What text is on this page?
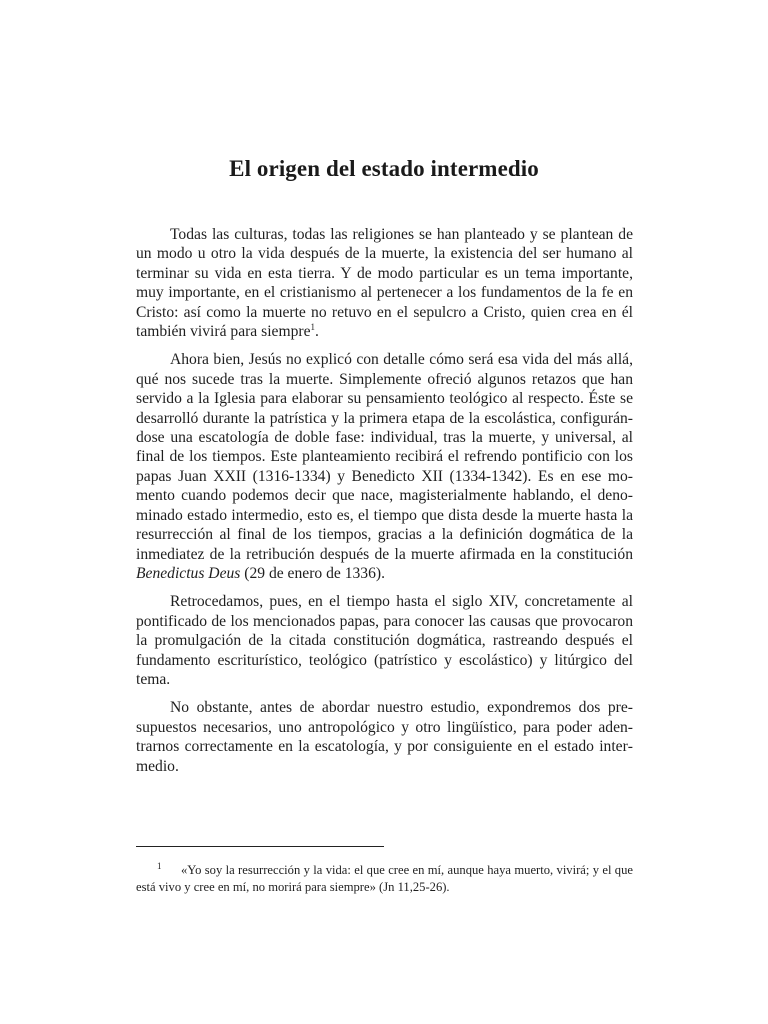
El origen del estado intermedio

Todas las culturas, todas las religiones se han planteado y se plantean de un modo u otro la vida después de la muerte, la existencia del ser humano al terminar su vida en esta tierra. Y de modo particular es un tema importante, muy importante, en el cristianismo al pertenecer a los fundamentos de la fe en Cristo: así como la muerte no retuvo en el sepulcro a Cristo, quien crea en él también vivirá para siempre$^1$.

Ahora bien, Jesús no explicó con detalle cómo será esa vida del más allá, qué nos sucede tras la muerte. Simplemente ofreció algunos retazos que han servido a la Iglesia para elaborar su pensamiento teológico al respecto. Éste se desarrolló durante la patrística y la primera etapa de la escolástica, configurándose una escatología de doble fase: individual, tras la muerte, y universal, al final de los tiempos. Este planteamiento recibirá el refrendo pontificio con los papas Juan XXII (1316-1334) y Benedicto XII (1334-1342). Es en ese momento cuando podemos decir que nace, magisterialmente hablando, el denominado estado intermedio, esto es, el tiempo que dista desde la muerte hasta la resurrección al final de los tiempos, gracias a la definición dogmática de la inmediatez de la retribución después de la muerte afirmada en la constitución Benedictus Deus (29 de enero de 1336).

Retrocedamos, pues, en el tiempo hasta el siglo XIV, concretamente al pontificado de los mencionados papas, para conocer las causas que provocaron la promulgación de la citada constitución dogmática, rastreando después el fundamento escriturístico, teológico (patrístico y escolástico) y litúrgico del tema.

No obstante, antes de abordar nuestro estudio, expondremos dos presupuestos necesarios, uno antropológico y otro lingüístico, para poder adentrarnos correctamente en la escatología, y por consiguiente en el estado intermedio.

1 «Yo soy la resurrección y la vida: el que cree en mí, aunque haya muerto, vivirá; y el que está vivo y cree en mí, no morirá para siempre» (Jn 11,25-26).
